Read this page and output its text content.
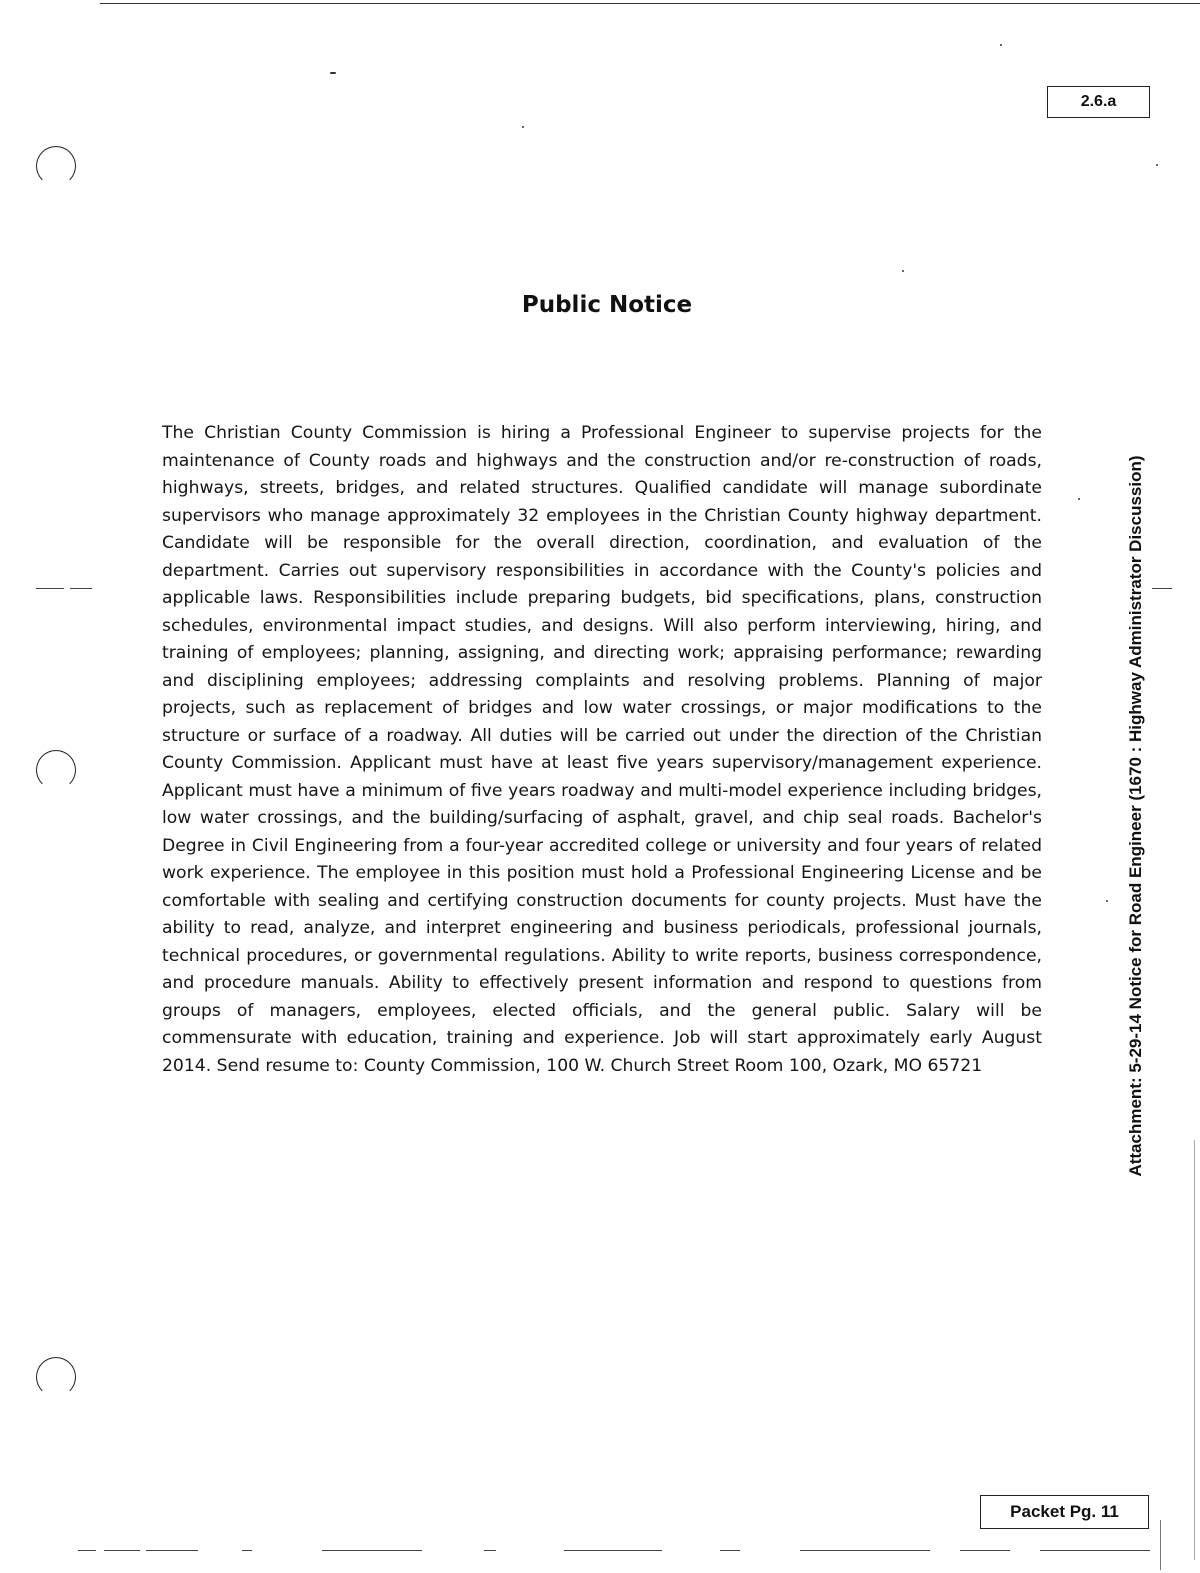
2.6.a
Public Notice

The Christian County Commission is hiring a Professional Engineer to supervise projects for the maintenance of County roads and highways and the construction and/or re-construction of roads, highways, streets, bridges, and related structures. Qualified candidate will manage subordinate supervisors who manage approximately 32 employees in the Christian County highway department. Candidate will be responsible for the overall direction, coordination, and evaluation of the department. Carries out supervisory responsibilities in accordance with the County's policies and applicable laws. Responsibilities include preparing budgets, bid specifications, plans, construction schedules, environmental impact studies, and designs. Will also perform interviewing, hiring, and training of employees; planning, assigning, and directing work; appraising performance; rewarding and disciplining employees; addressing complaints and resolving problems. Planning of major projects, such as replacement of bridges and low water crossings, or major modifications to the structure or surface of a roadway. All duties will be carried out under the direction of the Christian County Commission. Applicant must have at least five years supervisory/management experience. Applicant must have a minimum of five years roadway and multi-model experience including bridges, low water crossings, and the building/surfacing of asphalt, gravel, and chip seal roads. Bachelor's Degree in Civil Engineering from a four-year accredited college or university and four years of related work experience. The employee in this position must hold a Professional Engineering License and be comfortable with sealing and certifying construction documents for county projects. Must have the ability to read, analyze, and interpret engineering and business periodicals, professional journals, technical procedures, or governmental regulations. Ability to write reports, business correspondence, and procedure manuals. Ability to effectively present information and respond to questions from groups of managers, employees, elected officials, and the general public. Salary will be commensurate with education, training and experience. Job will start approximately early August 2014. Send resume to: County Commission, 100 W. Church Street Room 100, Ozark, MO 65721	Attachment: 5-29-14 Notice for Road Engineer (1670 : Highway Administrator Discussion)
Packet Pg. 11
